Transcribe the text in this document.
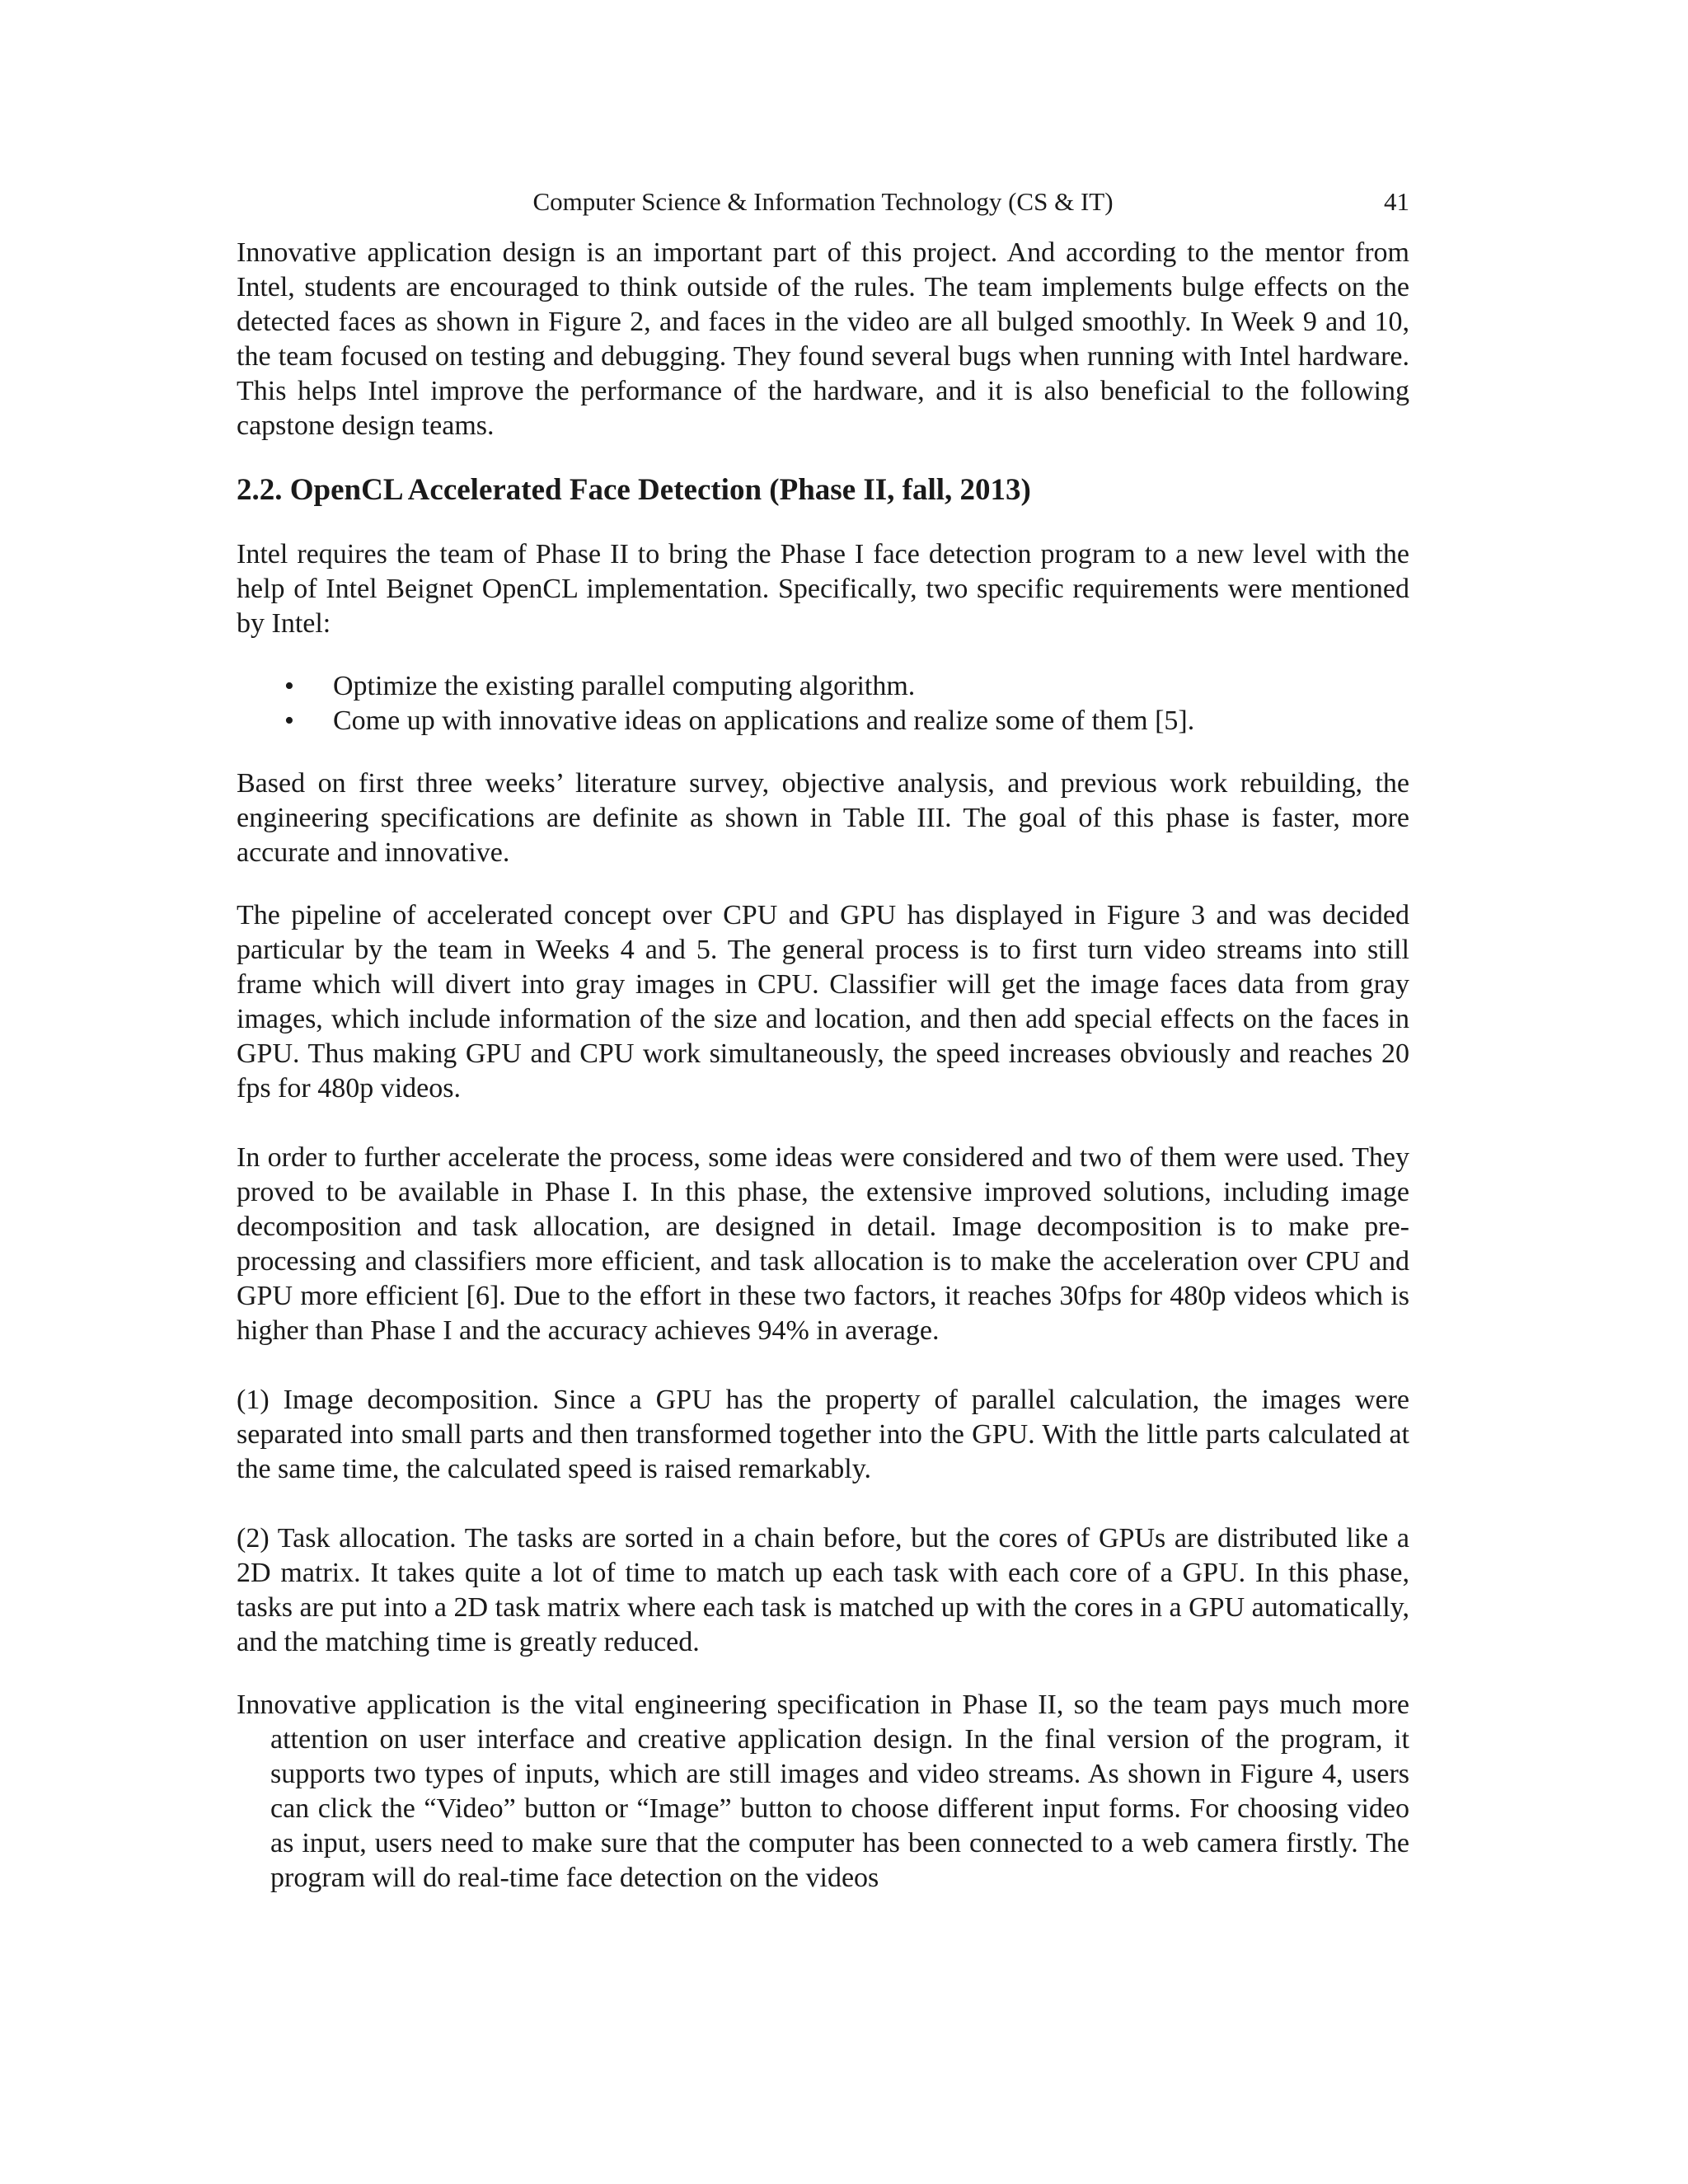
Computer Science & Information Technology (CS & IT)	41

Innovative application design is an important part of this project. And according to the mentor from Intel, students are encouraged to think outside of the rules. The team implements bulge effects on the detected faces as shown in Figure 2, and faces in the video are all bulged smoothly. In Week 9 and 10, the team focused on testing and debugging. They found several bugs when running with Intel hardware. This helps Intel improve the performance of the hardware, and it is also beneficial to the following capstone design teams.

2.2. OpenCL Accelerated Face Detection (Phase II, fall, 2013)

Intel requires the team of Phase II to bring the Phase I face detection program to a new level with the help of Intel Beignet OpenCL implementation. Specifically, two specific requirements were mentioned by Intel:

• Optimize the existing parallel computing algorithm.
• Come up with innovative ideas on applications and realize some of them [5].

Based on first three weeks’ literature survey, objective analysis, and previous work rebuilding, the engineering specifications are definite as shown in Table III. The goal of this phase is faster, more accurate and innovative.

The pipeline of accelerated concept over CPU and GPU has displayed in Figure 3 and was decided particular by the team in Weeks 4 and 5. The general process is to first turn video streams into still frame which will divert into gray images in CPU. Classifier will get the image faces data from gray images, which include information of the size and location, and then add special effects on the faces in GPU. Thus making GPU and CPU work simultaneously, the speed increases obviously and reaches 20 fps for 480p videos.

In order to further accelerate the process, some ideas were considered and two of them were used. They proved to be available in Phase I. In this phase, the extensive improved solutions, including image decomposition and task allocation, are designed in detail. Image decomposition is to make pre-processing and classifiers more efficient, and task allocation is to make the acceleration over CPU and GPU more efficient [6]. Due to the effort in these two factors, it reaches 30fps for 480p videos which is higher than Phase I and the accuracy achieves 94% in average.

(1) Image decomposition. Since a GPU has the property of parallel calculation, the images were separated into small parts and then transformed together into the GPU. With the little parts calculated at the same time, the calculated speed is raised remarkably.

(2) Task allocation. The tasks are sorted in a chain before, but the cores of GPUs are distributed like a 2D matrix. It takes quite a lot of time to match up each task with each core of a GPU. In this phase, tasks are put into a 2D task matrix where each task is matched up with the cores in a GPU automatically, and the matching time is greatly reduced.

Innovative application is the vital engineering specification in Phase II, so the team pays much more attention on user interface and creative application design. In the final version of the program, it supports two types of inputs, which are still images and video streams. As shown in Figure 4, users can click the “Video” button or “Image” button to choose different input forms. For choosing video as input, users need to make sure that the computer has been connected to a web camera firstly. The program will do real-time face detection on the videos
